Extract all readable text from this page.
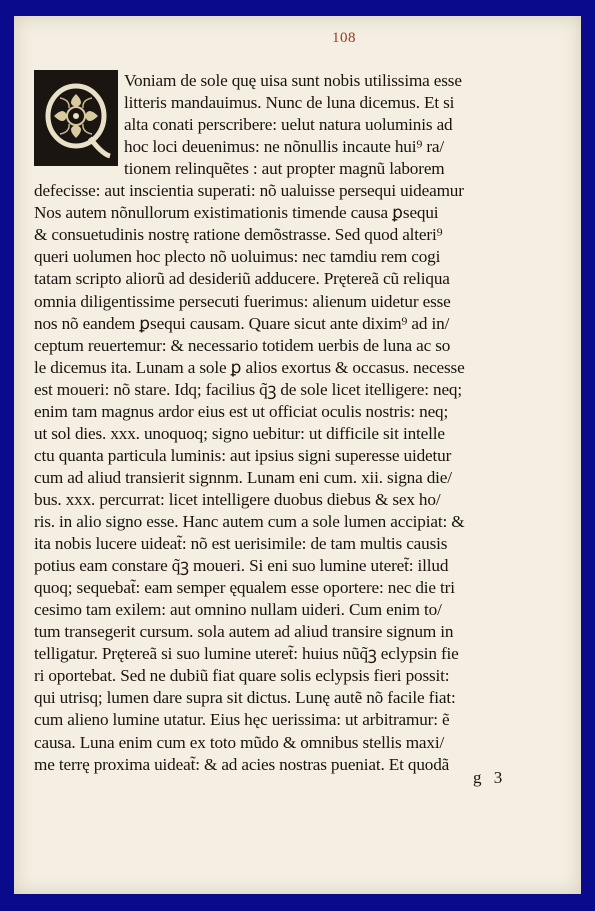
108
Voniam de sole quę uisa sunt nobis utilissima esse
litteris mandauimus. Nunc de luna dicemus. Et si
alta conati perscribere: uelut natura uoluminis ad
hoc loci deuenimus: ne nõnullis incaute hui⁹ ra/
tionem relinquẽtes : aut propter magnũ laborem
defecisse: aut inscientia superati: nõ ualuisse persequi uideamur
Nos autem nõnullorum existimationis timende causa ꝑsequi
& consuetudinis nostrę ratione demõstrasse. Sed quod alteri⁹
queri uolumen hoc plecto nõ uoluimus: nec tamdiu rem cogi
tatam scripto aliorũ ad desideriũ adducere. Prętereã cũ reliqua
omnia diligentissime persecuti fuerimus: alienum uidetur esse
nos nõ eandem ꝑsequi causam. Quare sicut ante dixim⁹ ad in/
ceptum reuertemur: & necessario totidem uerbis de luna ac so
le dicemus ita. Lunam a sole ꝑ alios exortus & occasus. necesse
est moueri: nõ stare. Idq; facilius q̃ꝫ de sole licet itelligere: neq;
enim tam magnus ardor eius est ut officiat oculis nostris: neq;
ut sol dies. xxx. unoquoq; signo uebitur: ut difficile sit intelle
ctu quanta particula luminis: aut ipsius signi superesse uidetur
cum ad aliud transierit signnm. Lunam eni cum. xii. signa die/
bus. xxx. percurrat: licet intelligere duobus diebus & sex ho/
ris. in alio signo esse. Hanc autem cum a sole lumen accipiat: &
ita nobis lucere uideat̃: nõ est uerisimile: de tam multis causis
potius eam constare q̃ꝫ moueri. Si eni suo lumine uteret̃: illud
quoq; sequebat̃: eam semper ęqualem esse oportere: nec die tri
cesimo tam exilem: aut omnino nullam uideri. Cum enim to/
tum transegerit cursum. sola autem ad aliud transire signum in
telligatur. Prętereã si suo lumine uteret̃: huius nũq̃ꝫ eclypsin fie
ri oportebat. Sed ne dubiũ fiat quare solis eclypsis fieri possit:
qui utrisq; lumen dare supra sit dictus. Lunę autẽ nõ facile fiat:
cum alieno lumine utatur. Eius hęc uerissima: ut arbitramur: ẽ
causa. Luna enim cum ex toto mũdo & omnibus stellis maxi/
me terrę proxima uideat̃: & ad acies nostras pueniat. Et quodã
g 3
